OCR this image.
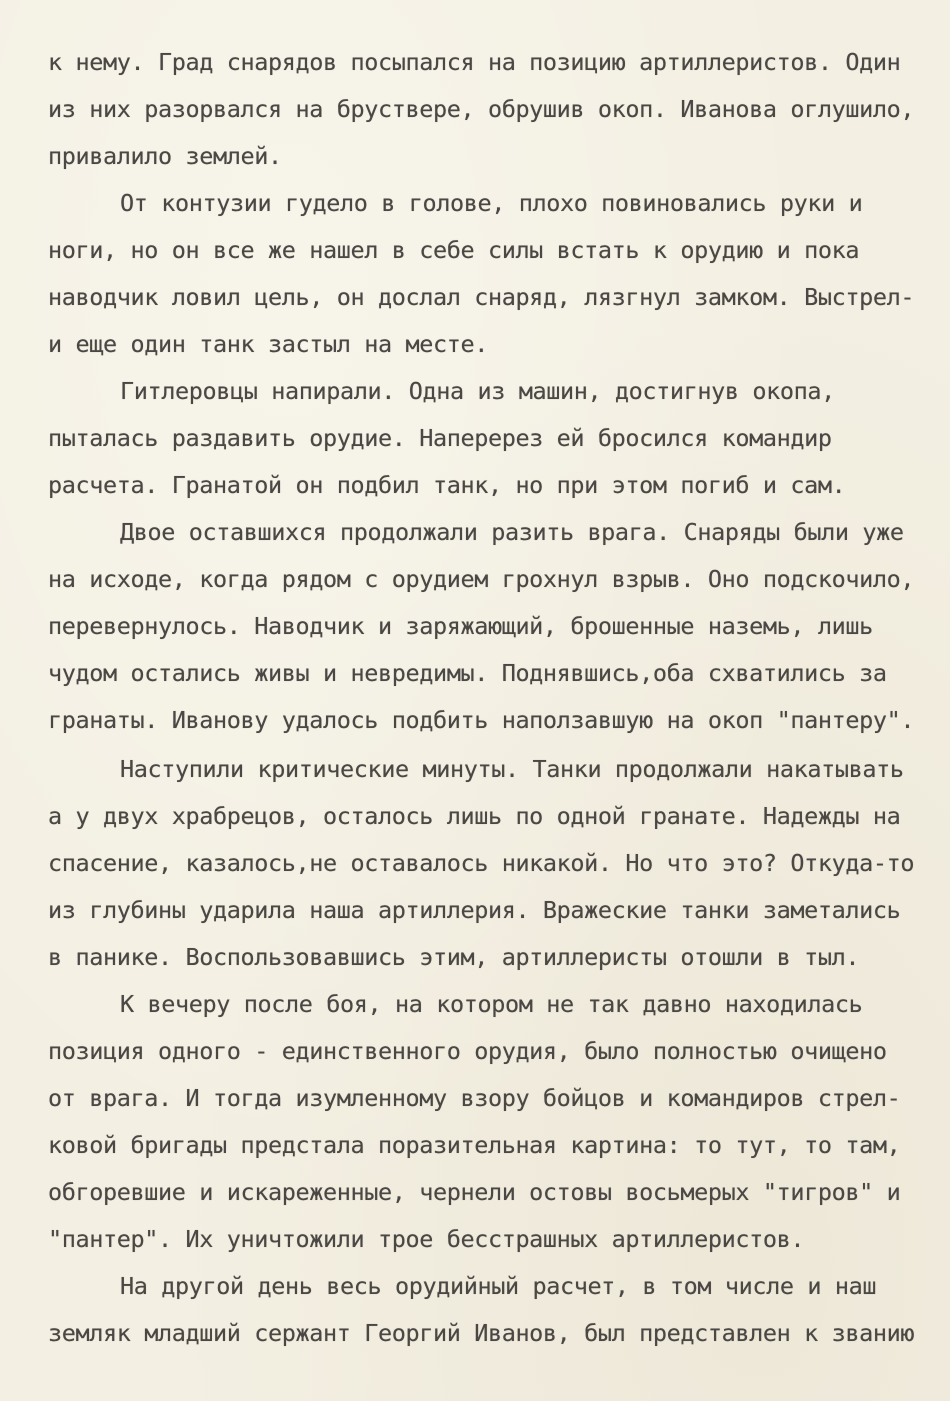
к нему. Град снарядов посыпался на позицию артиллеристов. Один
из них разорвался на бруствере, обрушив окоп. Иванова оглушило,
привалило землей.
От контузии гудело в голове, плохо повиновались руки и
ноги, но он все же нашел в себе силы встать к орудию и пока
наводчик ловил цель, он дослал снаряд, лязгнул замком. Выстрел-
и еще один танк застыл на месте.
Гитлеровцы напирали. Одна из машин, достигнув окопа,
пыталась раздавить орудие. Наперерез ей бросился командир
расчета. Гранатой он подбил танк, но при этом погиб и сам.
Двое оставшихся продолжали разить врага. Снаряды были уже
на исходе, когда рядом с орудием грохнул взрыв. Оно подскочило,
перевернулось. Наводчик и заряжающий, брошенные наземь, лишь
чудом остались живы и невредимы. Поднявшись,оба схватились за
гранаты. Иванову удалось подбить наползавшую на окоп "пантеру".
Наступили критические минуты. Танки продолжали накатывать
а у двух храбрецов, осталось лишь по одной гранате. Надежды на
спасение, казалось,не оставалось никакой. Но что это? Откуда-то
из глубины ударила наша артиллерия. Вражеские танки заметались
в панике. Воспользовавшись этим, артиллеристы отошли в тыл.
К вечеру после боя, на котором не так давно находилась
позиция одного - единственного орудия, было полностью очищено
от врага. И тогда изумленному взору бойцов и командиров стрел-
ковой бригады предстала поразительная картина: то тут, то там,
обгоревшие и искареженные, чернели остовы восьмерых "тигров" и
"пантер". Их уничтожили трое бесстрашных артиллеристов.
На другой день весь орудийный расчет, в том числе и наш
земляк младший сержант Георгий Иванов, был представлен к званию
